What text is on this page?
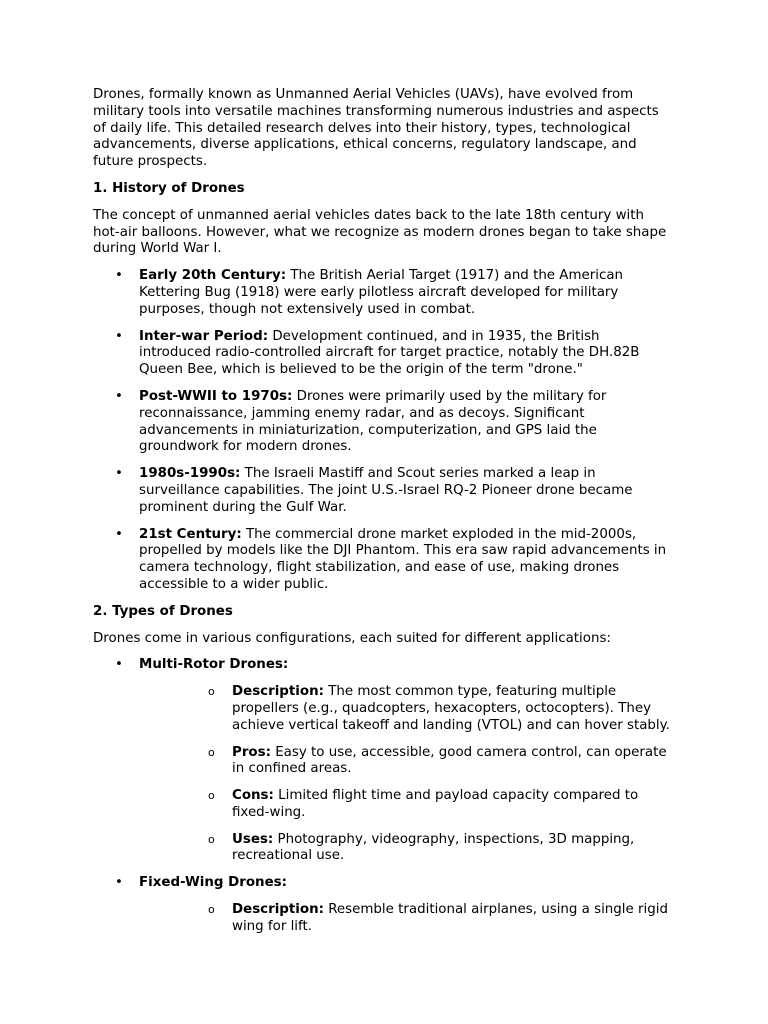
Drones, formally known as Unmanned Aerial Vehicles (UAVs), have evolved from military tools into versatile machines transforming numerous industries and aspects of daily life. This detailed research delves into their history, types, technological advancements, diverse applications, ethical concerns, regulatory landscape, and future prospects.

1. History of Drones

The concept of unmanned aerial vehicles dates back to the late 18th century with hot-air balloons. However, what we recognize as modern drones began to take shape during World War I.

• Early 20th Century: The British Aerial Target (1917) and the American Kettering Bug (1918) were early pilotless aircraft developed for military purposes, though not extensively used in combat.
• Inter-war Period: Development continued, and in 1935, the British introduced radio-controlled aircraft for target practice, notably the DH.82B Queen Bee, which is believed to be the origin of the term "drone."
• Post-WWII to 1970s: Drones were primarily used by the military for reconnaissance, jamming enemy radar, and as decoys. Significant advancements in miniaturization, computerization, and GPS laid the groundwork for modern drones.
• 1980s-1990s: The Israeli Mastiff and Scout series marked a leap in surveillance capabilities. The joint U.S.-Israel RQ-2 Pioneer drone became prominent during the Gulf War.
• 21st Century: The commercial drone market exploded in the mid-2000s, propelled by models like the DJI Phantom. This era saw rapid advancements in camera technology, flight stabilization, and ease of use, making drones accessible to a wider public.
2. Types of Drones

Drones come in various configurations, each suited for different applications:

• Multi-Rotor Drones:
o Description: The most common type, featuring multiple propellers (e.g., quadcopters, hexacopters, octocopters). They achieve vertical takeoff and landing (VTOL) and can hover stably.
o Pros: Easy to use, accessible, good camera control, can operate in confined areas.
o Cons: Limited flight time and payload capacity compared to fixed-wing.
o Uses: Photography, videography, inspections, 3D mapping, recreational use.
• Fixed-Wing Drones:
o Description: Resemble traditional airplanes, using a single rigid wing for lift.
